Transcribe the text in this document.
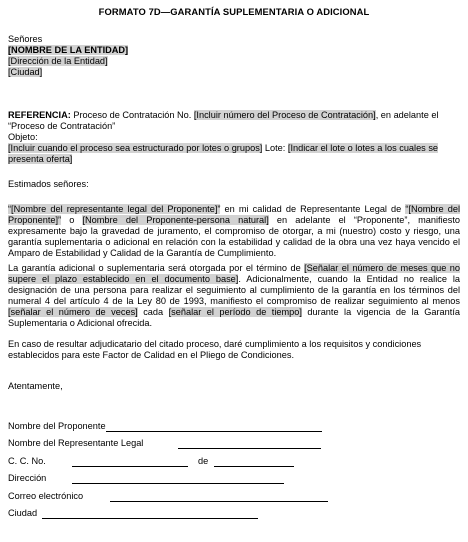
FORMATO 7D—GARANTÍA SUPLEMENTARIA O ADICIONAL

Señores

[NOMBRE DE LA ENTIDAD]

[Dirección de la Entidad]

[Ciudad]

REFERENCIA: Proceso de Contratación No. [Incluir número del Proceso de Contratación], en adelante el “Proceso de Contratación”

Objeto:

[Incluir cuando el proceso sea estructurado por lotes o grupos] Lote: [Indicar el lote o lotes a los cuales se presenta oferta]

Estimados señores:

“[Nombre del representante legal del Proponente]” en mi calidad de Representante Legal de “[Nombre del Proponente]” o [Nombre del Proponente-persona natural] en adelante el “Proponente”, manifiesto expresamente bajo la gravedad de juramento, el compromiso de otorgar, a mi (nuestro) costo y riesgo, una garantía suplementaria o adicional en relación con la estabilidad y calidad de la obra una vez haya vencido el Amparo de Estabilidad y Calidad de la Garantía de Cumplimiento.

La garantía adicional o suplementaria será otorgada por el término de [Señalar el número de meses que no supere el plazo establecido en el documento base]. Adicionalmente, cuando la Entidad no realice la designación de una persona para realizar el seguimiento al cumplimiento de la garantía en los términos del numeral 4 del artículo 4 de la Ley 80 de 1993, manifiesto el compromiso de realizar seguimiento al menos [señalar el número de veces] cada [señalar el período de tiempo] durante la vigencia de la Garantía Suplementaria o Adicional ofrecida.

En caso de resultar adjudicatario del citado proceso, daré cumplimiento a los requisitos y condiciones establecidos para este Factor de Calidad en el Pliego de Condiciones.

Atentamente,

Nombre del Proponente
Nombre del Representante Legal
C. C. No.	de
Dirección
Correo electrónico
Ciudad
